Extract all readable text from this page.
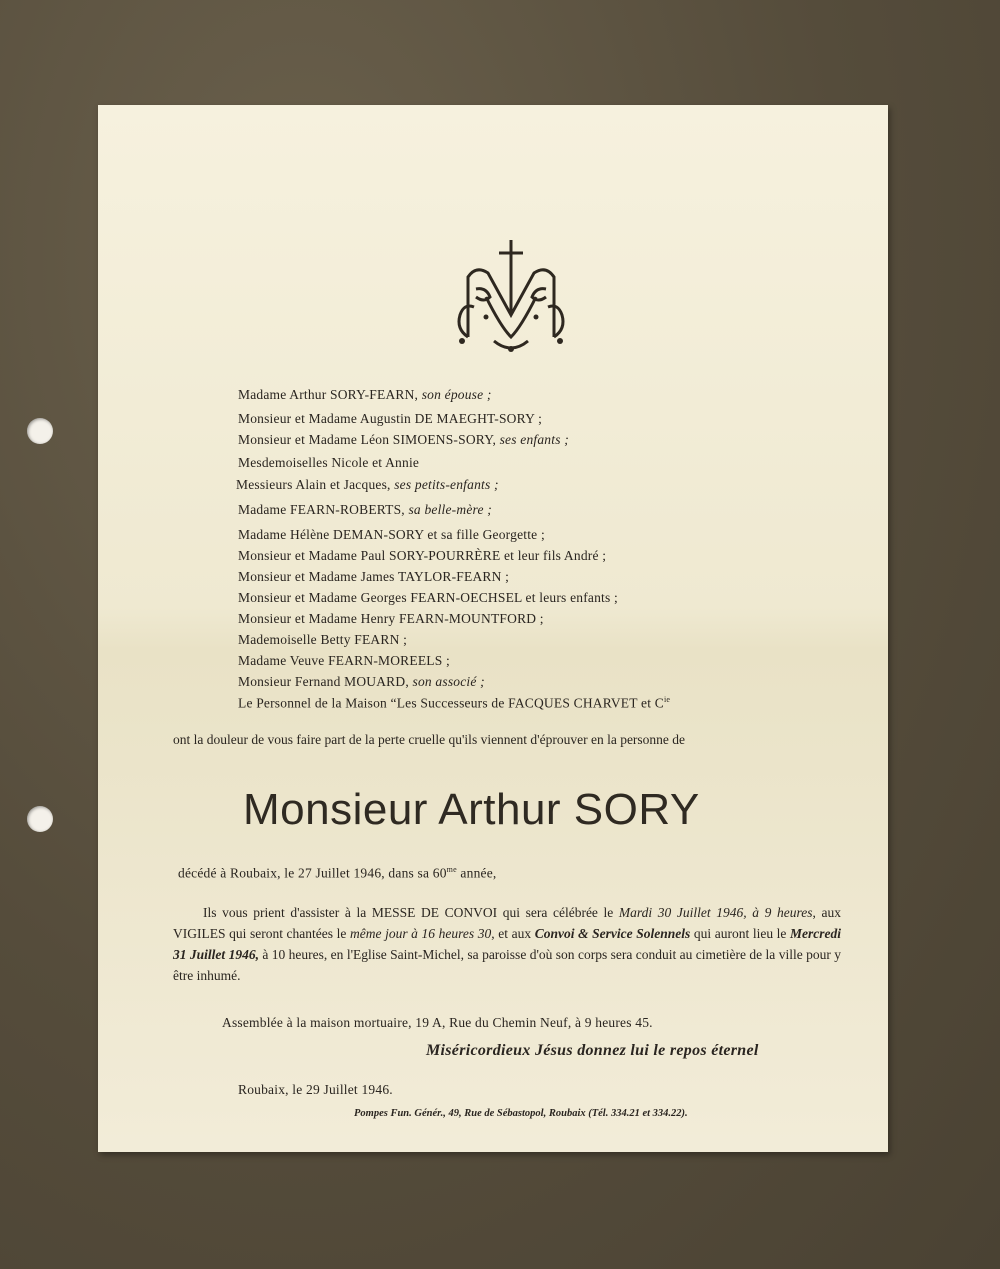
Madame Arthur SORY-FEARN, son épouse ;
Monsieur et Madame Augustin DE MAEGHT-SORY ;
Monsieur et Madame Léon SIMOENS-SORY, ses enfants ;
Mesdemoiselles Nicole et Annie
Messieurs Alain et Jacques, ses petits-enfants ;
Madame FEARN-ROBERTS, sa belle-mère ;
Madame Hélène DEMAN-SORY et sa fille Georgette ;
Monsieur et Madame Paul SORY-POURRÈRE et leur fils André ;
Monsieur et Madame James TAYLOR-FEARN ;
Monsieur et Madame Georges FEARN-OECHSEL et leurs enfants ;
Monsieur et Madame Henry FEARN-MOUNTFORD ;
Mademoiselle Betty FEARN ;
Madame Veuve FEARN-MOREELS ;
Monsieur Fernand MOUARD, son associé ;
Le Personnel de la Maison “Les Successeurs de FACQUES CHARVET et $C^{ie}$
ont la douleur de vous faire part de la perte cruelle qu'ils viennent d'éprouver en la personne de
Monsieur Arthur SORY
décédé à Roubaix, le 27 Juillet 1946, dans sa $60^{me}$ année,
Ils vous prient d'assister à la MESSE DE CONVOI qui sera célébrée le Mardi 30 Juillet 1946, à 9 heures, aux VIGILES qui seront chantées le même jour à 16 heures 30, et aux Convoi & Service Solennels qui auront lieu le Mercredi 31 Juillet 1946, à 10 heures, en l'Eglise Saint-Michel, sa paroisse d'où son corps sera conduit au cimetière de la ville pour y être inhumé.
Assemblée à la maison mortuaire, 19 A, Rue du Chemin Neuf, à 9 heures 45.
Miséricordieux Jésus donnez lui le repos éternel
Roubaix, le 29 Juillet 1946.
Pompes Fun. Génér., 49, Rue de Sébastopol, Roubaix (Tél. 334.21 et 334.22).
